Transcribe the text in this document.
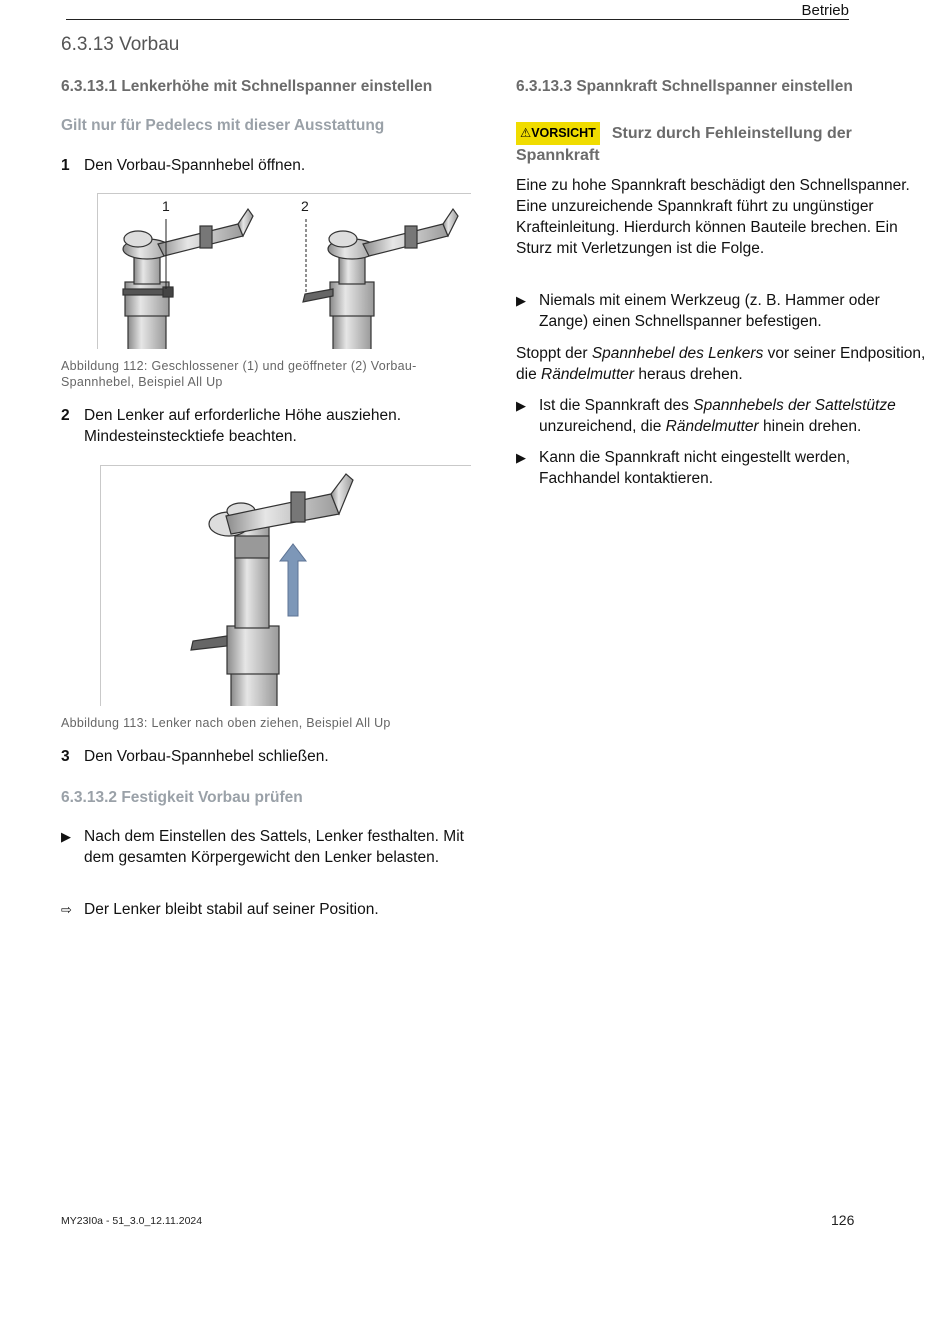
Betrieb
6.3.13 Vorbau
6.3.13.1 Lenkerhöhe mit Schnellspanner einstellen
Gilt nur für Pedelecs mit dieser Ausstattung
1 Den Vorbau-Spannhebel öffnen.
1	2
Abbildung 112: Geschlossener (1) und geöffneter (2) Vorbau-Spannhebel, Beispiel All Up
2 Den Lenker auf erforderliche Höhe ausziehen. Mindesteinstecktiefe beachten.
Abbildung 113: Lenker nach oben ziehen, Beispiel All Up
3 Den Vorbau-Spannhebel schließen.
6.3.13.2 Festigkeit Vorbau prüfen
▶ Nach dem Einstellen des Sattels, Lenker festhalten. Mit dem gesamten Körpergewicht den Lenker belasten.
⇨ Der Lenker bleibt stabil auf seiner Position.
6.3.13.3 Spannkraft Schnellspanner einstellen
⚠VORSICHT Sturz durch Fehleinstellung der Spannkraft
Eine zu hohe Spannkraft beschädigt den Schnellspanner. Eine unzureichende Spannkraft führt zu ungünstiger Krafteinleitung. Hierdurch können Bauteile brechen. Ein Sturz mit Verletzungen ist die Folge.
▶ Niemals mit einem Werkzeug (z. B. Hammer oder Zange) einen Schnellspanner befestigen.
Stoppt der Spannhebel des Lenkers vor seiner Endposition, die Rändelmutter heraus drehen.
▶ Ist die Spannkraft des Spannhebels der Sattelstütze unzureichend, die Rändelmutter hinein drehen.
▶ Kann die Spannkraft nicht eingestellt werden, Fachhandel kontaktieren.
MY23I0a - 51_3.0_12.11.2024	126
